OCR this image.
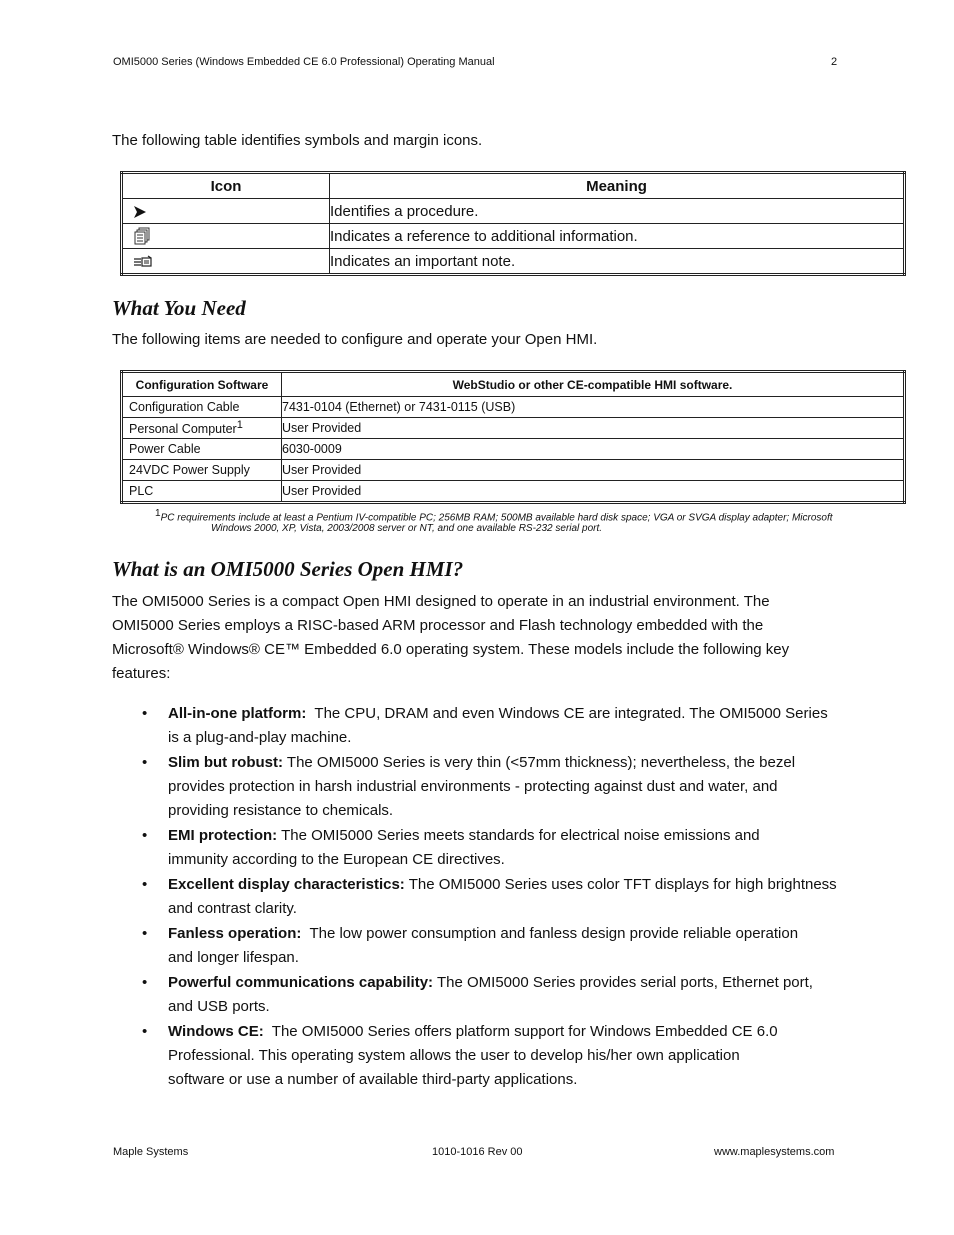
OMI5000 Series (Windows Embedded CE 6.0 Professional) Operating Manual	2
The following table identifies symbols and margin icons.
Icon	Meaning
	Identifies a procedure.
	Indicates a reference to additional information.
	Indicates an important note.
What You Need
The following items are needed to configure and operate your Open HMI.
Configuration Software	WebStudio or other CE-compatible HMI software.
Configuration Cable	7431-0104 (Ethernet) or 7431-0115 (USB)
Personal Computer$^1$	User Provided
Power Cable	6030-0009
24VDC Power Supply	User Provided
PLC	User Provided
$^1$PC requirements include at least a Pentium IV-compatible PC; 256MB RAM; 500MB available hard disk space; VGA or SVGA display adapter; Microsoft
Windows 2000, XP, Vista, 2003/2008 server or NT, and one available RS-232 serial port.
What is an OMI5000 Series Open HMI?
The OMI5000 Series is a compact Open HMI designed to operate in an industrial environment. The
OMI5000 Series employs a RISC-based ARM processor and Flash technology embedded with the
Microsoft® Windows® CE™ Embedded 6.0 operating system. These models include the following key
features:
• All-in-one platform: The CPU, DRAM and even Windows CE are integrated. The OMI5000 Series
is a plug-and-play machine.
• Slim but robust: The OMI5000 Series is very thin (<57mm thickness); nevertheless, the bezel
provides protection in harsh industrial environments - protecting against dust and water, and
providing resistance to chemicals.
• EMI protection: The OMI5000 Series meets standards for electrical noise emissions and
immunity according to the European CE directives.
• Excellent display characteristics: The OMI5000 Series uses color TFT displays for high brightness
and contrast clarity.
• Fanless operation: The low power consumption and fanless design provide reliable operation
and longer lifespan.
• Powerful communications capability: The OMI5000 Series provides serial ports, Ethernet port,
and USB ports.
• Windows CE: The OMI5000 Series offers platform support for Windows Embedded CE 6.0
Professional. This operating system allows the user to develop his/her own application
software or use a number of available third-party applications.
Maple Systems	1010-1016 Rev 00	www.maplesystems.com
